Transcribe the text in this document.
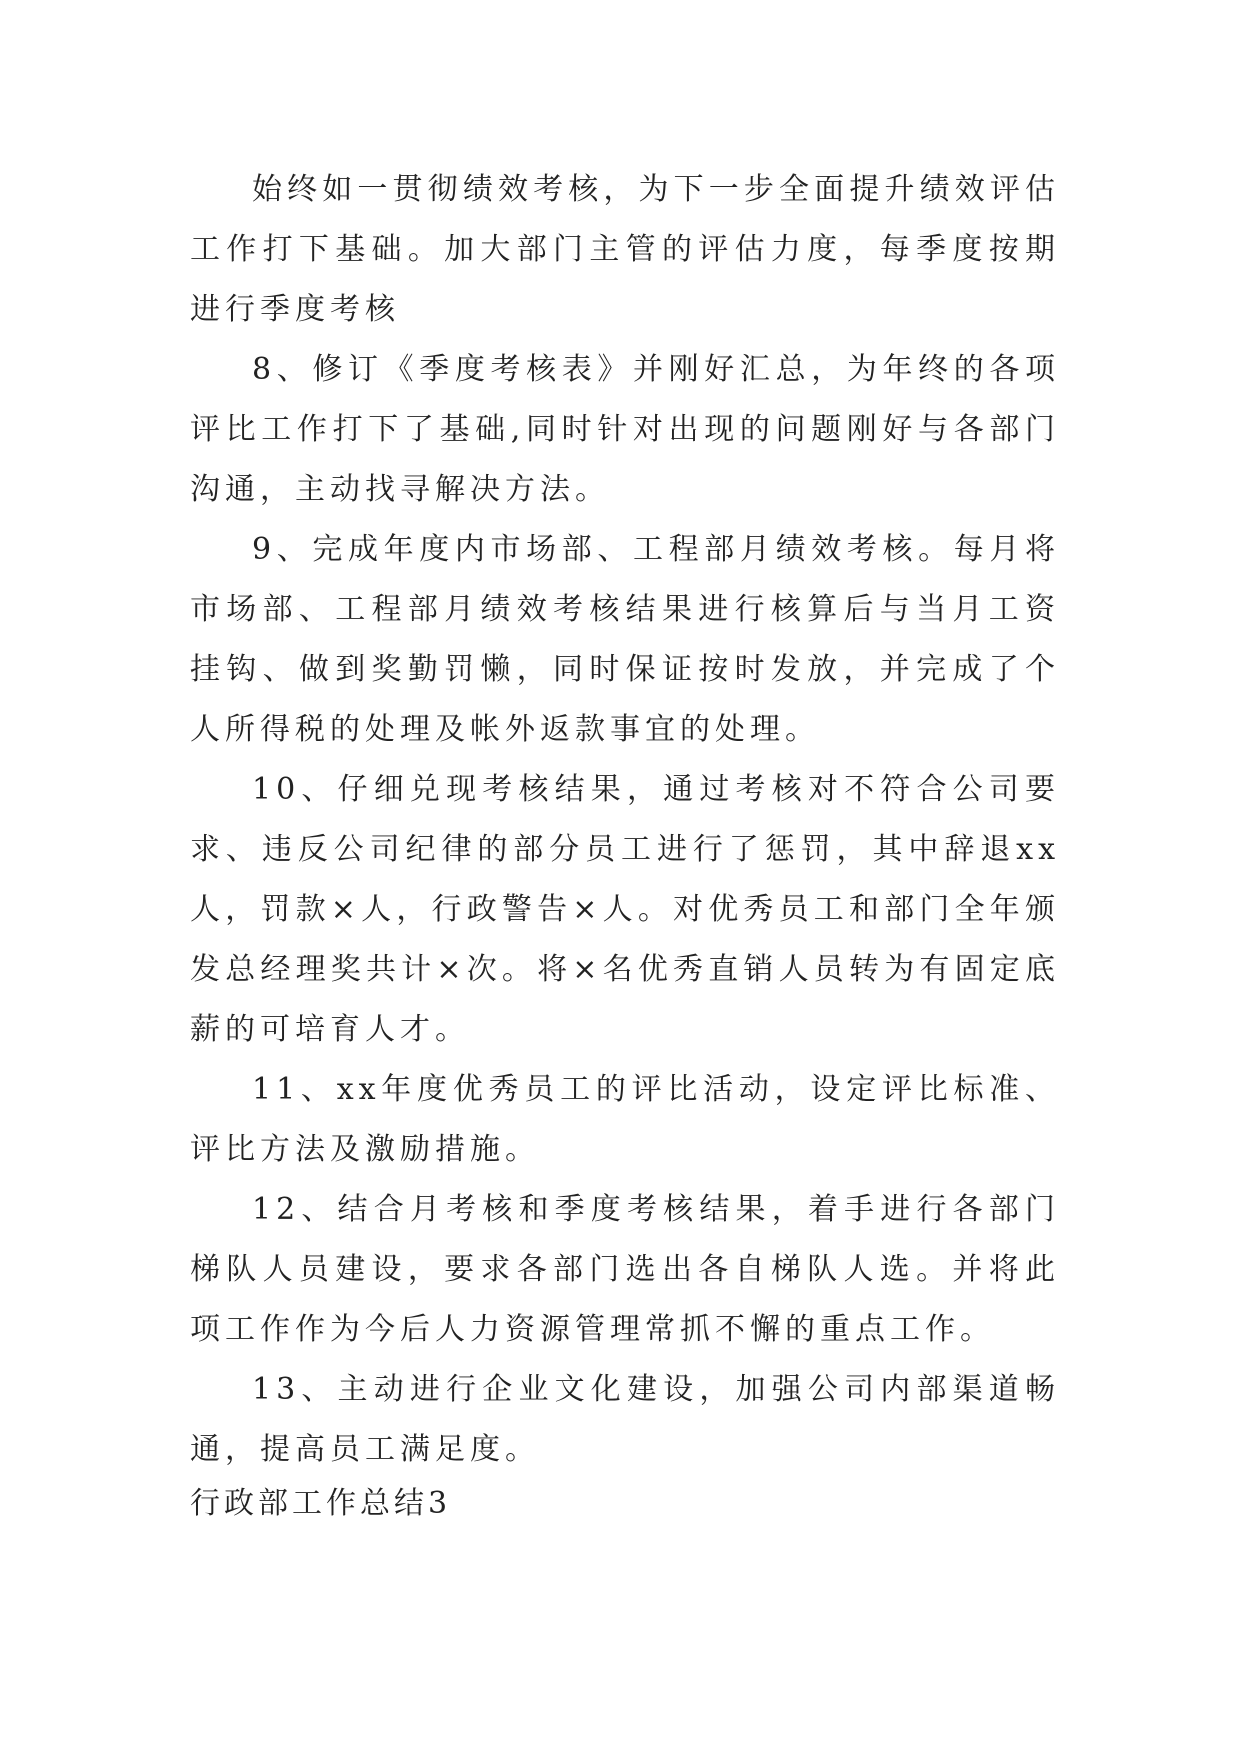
始终如一贯彻绩效考核，为下一步全面提升绩效评估工作打下基础。加大部门主管的评估力度，每季度按期进行季度考核

8、修订《季度考核表》并刚好汇总，为年终的各项评比工作打下了基础,同时针对出现的问题刚好与各部门沟通，主动找寻解决方法。

9、完成年度内市场部、工程部月绩效考核。每月将市场部、工程部月绩效考核结果进行核算后与当月工资挂钩、做到奖勤罚懒，同时保证按时发放，并完成了个人所得税的处理及帐外返款事宜的处理。

10、仔细兑现考核结果，通过考核对不符合公司要求、违反公司纪律的部分员工进行了惩罚，其中辞退xx人，罚款×人，行政警告×人。对优秀员工和部门全年颁发总经理奖共计×次。将×名优秀直销人员转为有固定底薪的可培育人才。

11、xx年度优秀员工的评比活动，设定评比标准、评比方法及激励措施。

12、结合月考核和季度考核结果，着手进行各部门梯队人员建设，要求各部门选出各自梯队人选。并将此项工作作为今后人力资源管理常抓不懈的重点工作。

13、主动进行企业文化建设，加强公司内部渠道畅通，提高员工满足度。

行政部工作总结3
